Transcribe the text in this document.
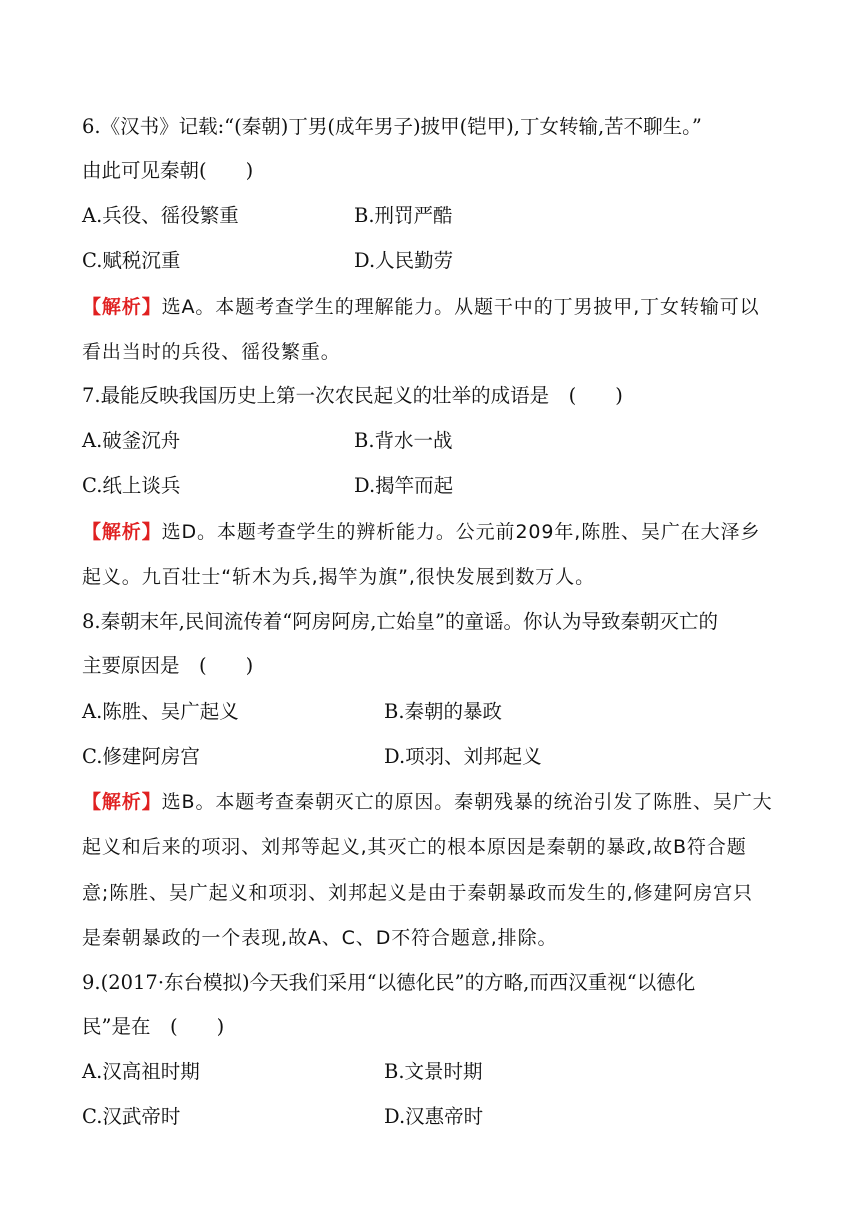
6.《汉书》记载:“(秦朝)丁男(成年男子)披甲(铠甲),丁女转输,苦不聊生。”
由此可见秦朝(　　)
A.兵役、徭役繁重	B.刑罚严酷
C.赋税沉重	D.人民勤劳
【解析】选A。本题考查学生的理解能力。从题干中的丁男披甲,丁女转输可以
看出当时的兵役、徭役繁重。
7.最能反映我国历史上第一次农民起义的壮举的成语是　(　　)
A.破釜沉舟	B.背水一战
C.纸上谈兵	D.揭竿而起
【解析】选D。本题考查学生的辨析能力。公元前209年,陈胜、吴广在大泽乡
起义。九百壮士“斩木为兵,揭竿为旗”,很快发展到数万人。
8.秦朝末年,民间流传着“阿房阿房,亡始皇”的童谣。你认为导致秦朝灭亡的
主要原因是　(　　)
A.陈胜、吴广起义	B.秦朝的暴政
C.修建阿房宫	D.项羽、刘邦起义
【解析】选B。本题考查秦朝灭亡的原因。秦朝残暴的统治引发了陈胜、吴广大
起义和后来的项羽、刘邦等起义,其灭亡的根本原因是秦朝的暴政,故B符合题
意;陈胜、吴广起义和项羽、刘邦起义是由于秦朝暴政而发生的,修建阿房宫只
是秦朝暴政的一个表现,故A、C、D不符合题意,排除。
9.(2017·东台模拟)今天我们采用“以德化民”的方略,而西汉重视“以德化
民”是在　(　　)
A.汉高祖时期	B.文景时期
C.汉武帝时	D.汉惠帝时
